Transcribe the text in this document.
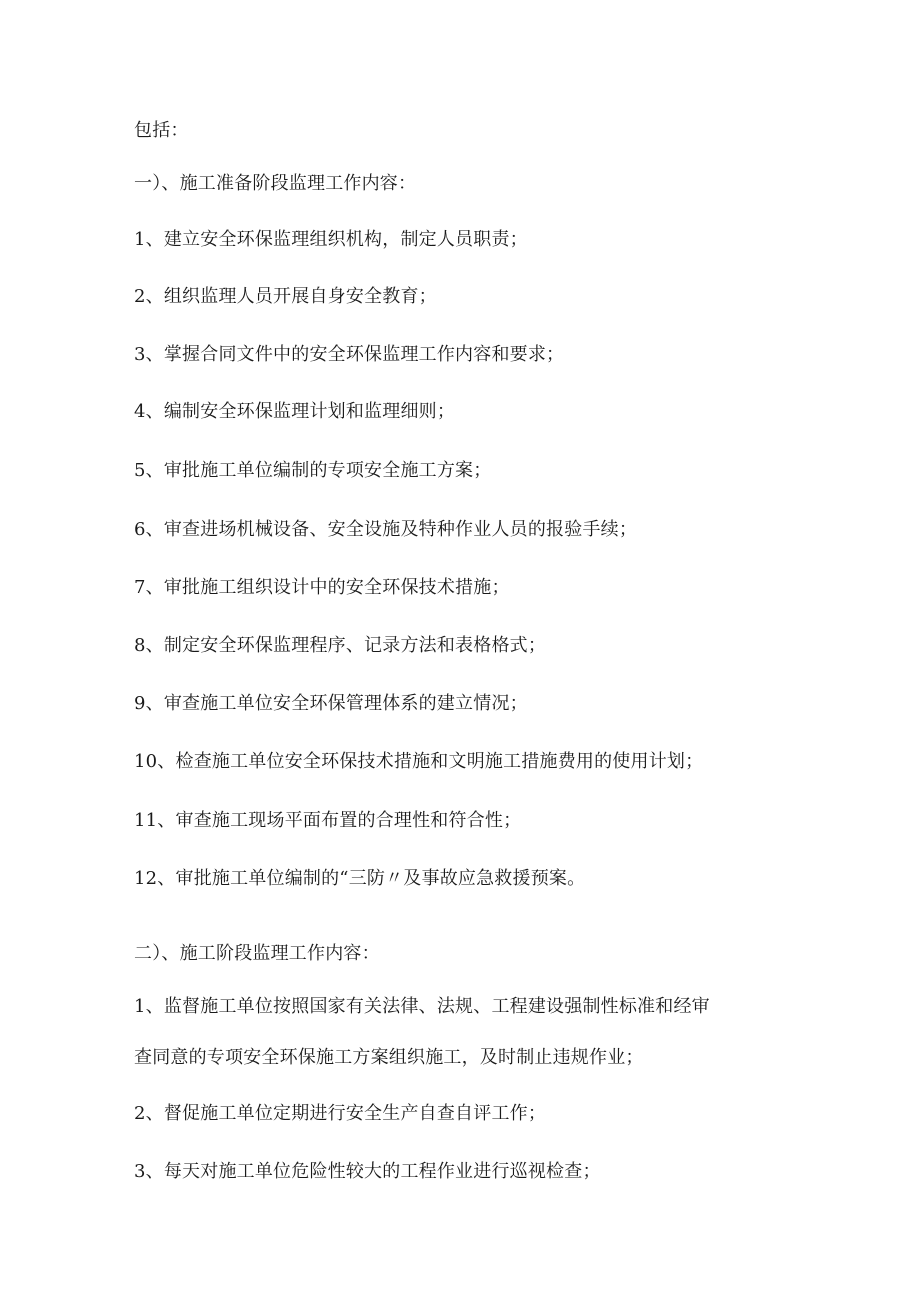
包括：
一）、施工准备阶段监理工作内容：
1、建立安全环保监理组织机构，制定人员职责；
2、组织监理人员开展自身安全教育；
3、掌握合同文件中的安全环保监理工作内容和要求；
4、编制安全环保监理计划和监理细则；
5、审批施工单位编制的专项安全施工方案；
6、审查进场机械设备、安全设施及特种作业人员的报验手续；
7、审批施工组织设计中的安全环保技术措施；
8、制定安全环保监理程序、记录方法和表格格式；
9、审查施工单位安全环保管理体系的建立情况；
10、检查施工单位安全环保技术措施和文明施工措施费用的使用计划；
11、审查施工现场平面布置的合理性和符合性；
12、审批施工单位编制的“三防〃及事故应急救援预案。
二）、施工阶段监理工作内容：
1、监督施工单位按照国家有关法律、法规、工程建设强制性标准和经审
查同意的专项安全环保施工方案组织施工，及时制止违规作业；
2、督促施工单位定期进行安全生产自查自评工作；
3、每天对施工单位危险性较大的工程作业进行巡视检查；
